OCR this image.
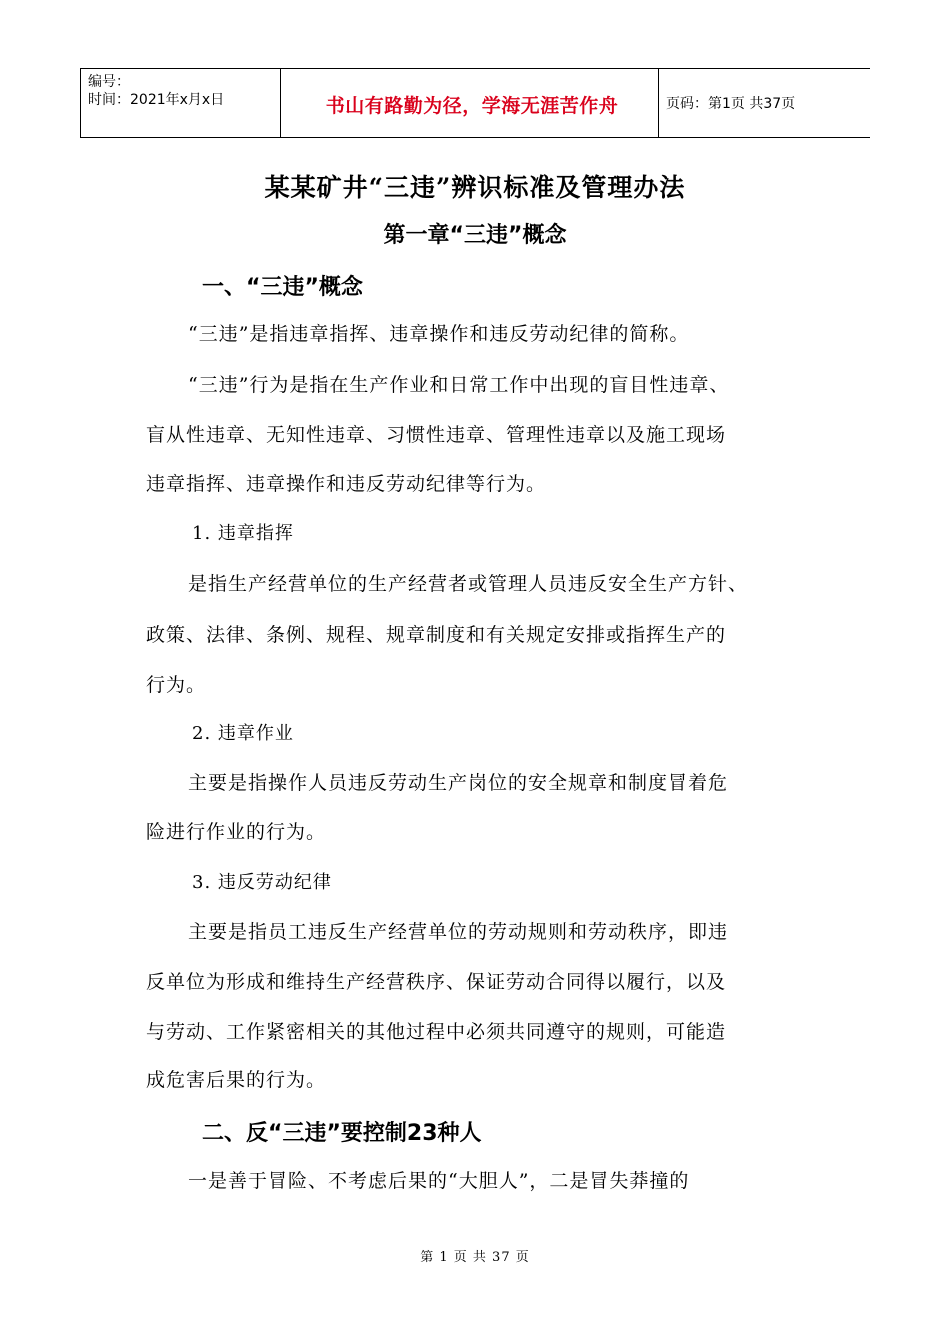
编号：
时间：2021年x月x日	书山有路勤为径，学海无涯苦作舟	页码：第1页 共37页
某某矿井“三违”辨识标准及管理办法
第一章“三违”概念
一、“三违”概念
“三违”是指违章指挥、违章操作和违反劳动纪律的简称。
“三违”行为是指在生产作业和日常工作中出现的盲目性违章、
盲从性违章、无知性违章、习惯性违章、管理性违章以及施工现场
违章指挥、违章操作和违反劳动纪律等行为。
1. 违章指挥
是指生产经营单位的生产经营者或管理人员违反安全生产方针、
政策、法律、条例、规程、规章制度和有关规定安排或指挥生产的
行为。
2. 违章作业
主要是指操作人员违反劳动生产岗位的安全规章和制度冒着危
险进行作业的行为。
3. 违反劳动纪律
主要是指员工违反生产经营单位的劳动规则和劳动秩序，即违
反单位为形成和维持生产经营秩序、保证劳动合同得以履行，以及
与劳动、工作紧密相关的其他过程中必须共同遵守的规则，可能造
成危害后果的行为。
二、反“三违”要控制23种人
一是善于冒险、不考虑后果的“大胆人”，二是冒失莽撞的
第 1 页 共 37 页
